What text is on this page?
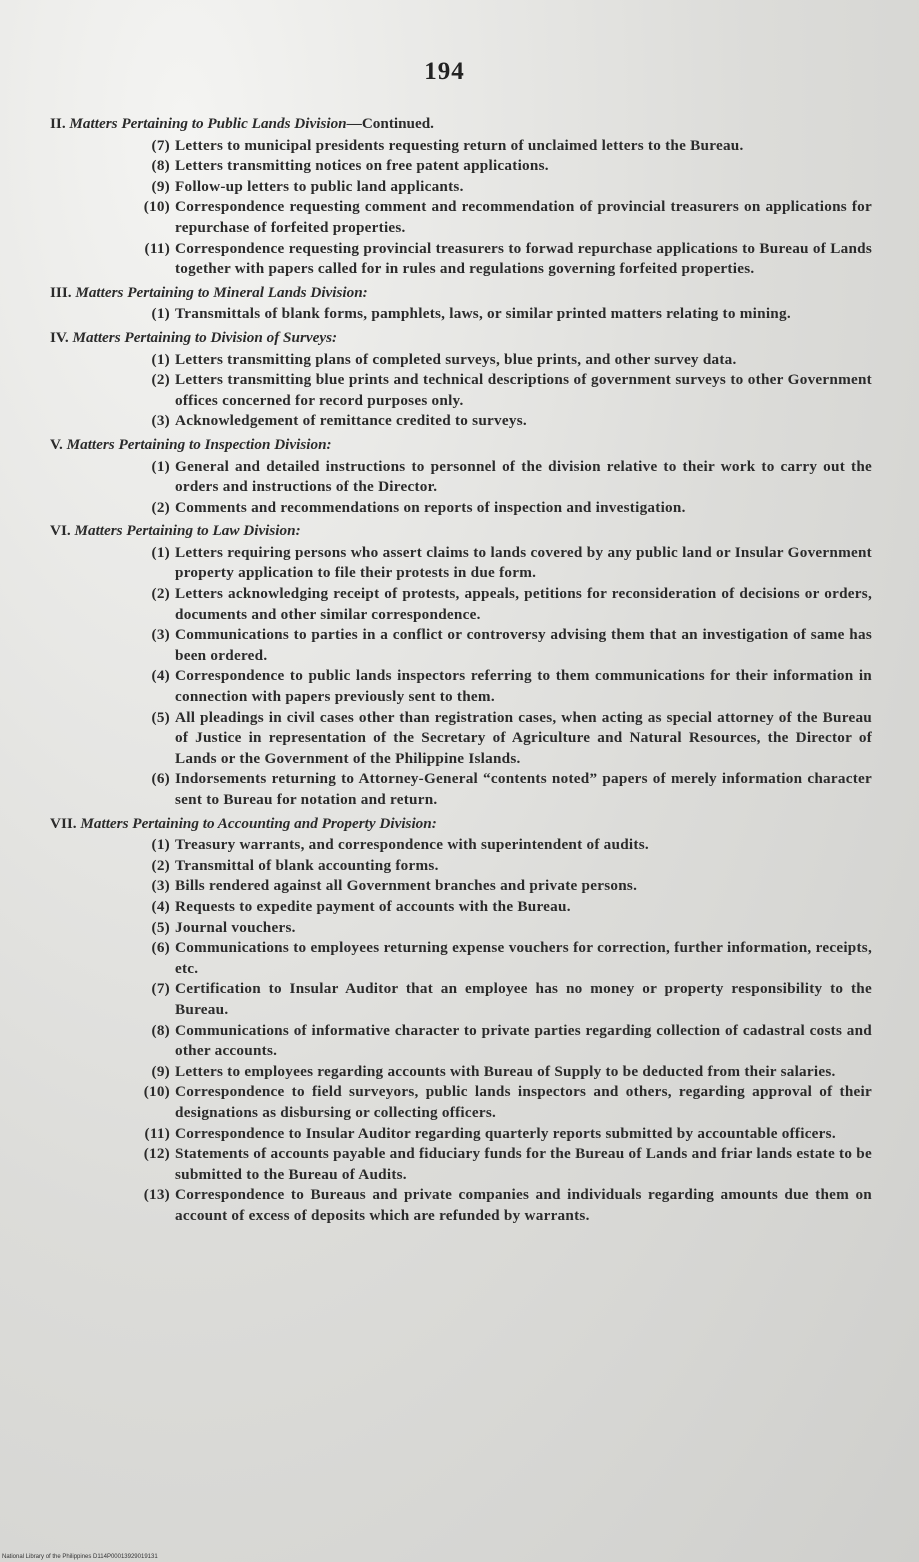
194
II. Matters Pertaining to Public Lands Division—Continued.
(7) Letters to municipal presidents requesting return of unclaimed letters to the Bureau.
(8) Letters transmitting notices on free patent applications.
(9) Follow-up letters to public land applicants.
(10) Correspondence requesting comment and recommendation of provincial treasurers on applications for repurchase of forfeited properties.
(11) Correspondence requesting provincial treasurers to forwad repurchase applications to Bureau of Lands together with papers called for in rules and regulations governing forfeited properties.
III. Matters Pertaining to Mineral Lands Division:
(1) Transmittals of blank forms, pamphlets, laws, or similar printed matters relating to mining.
IV. Matters Pertaining to Division of Surveys:
(1) Letters transmitting plans of completed surveys, blue prints, and other survey data.
(2) Letters transmitting blue prints and technical descriptions of government surveys to other Government offices concerned for record purposes only.
(3) Acknowledgement of remittance credited to surveys.
V. Matters Pertaining to Inspection Division:
(1) General and detailed instructions to personnel of the division relative to their work to carry out the orders and instructions of the Director.
(2) Comments and recommendations on reports of inspection and investigation.
VI. Matters Pertaining to Law Division:
(1) Letters requiring persons who assert claims to lands covered by any public land or Insular Government property application to file their protests in due form.
(2) Letters acknowledging receipt of protests, appeals, petitions for reconsideration of decisions or orders, documents and other similar correspondence.
(3) Communications to parties in a conflict or controversy advising them that an investigation of same has been ordered.
(4) Correspondence to public lands inspectors referring to them communications for their information in connection with papers previously sent to them.
(5) All pleadings in civil cases other than registration cases, when acting as special attorney of the Bureau of Justice in representation of the Secretary of Agriculture and Natural Resources, the Director of Lands or the Government of the Philippine Islands.
(6) Indorsements returning to Attorney-General “contents noted” papers of merely information character sent to Bureau for notation and return.
VII. Matters Pertaining to Accounting and Property Division:
(1) Treasury warrants, and correspondence with superintendent of audits.
(2) Transmittal of blank accounting forms.
(3) Bills rendered against all Government branches and private persons.
(4) Requests to expedite payment of accounts with the Bureau.
(5) Journal vouchers.
(6) Communications to employees returning expense vouchers for correction, further information, receipts, etc.
(7) Certification to Insular Auditor that an employee has no money or property responsibility to the Bureau.
(8) Communications of informative character to private parties regarding collection of cadastral costs and other accounts.
(9) Letters to employees regarding accounts with Bureau of Supply to be deducted from their salaries.
(10) Correspondence to field surveyors, public lands inspectors and others, regarding approval of their designations as disbursing or collecting officers.
(11) Correspondence to Insular Auditor regarding quarterly reports submitted by accountable officers.
(12) Statements of accounts payable and fiduciary funds for the Bureau of Lands and friar lands estate to be submitted to the Bureau of Audits.
(13) Correspondence to Bureaus and private companies and individuals regarding amounts due them on account of excess of deposits which are refunded by warrants.
National Library of the Philippines D114P00013929019131
